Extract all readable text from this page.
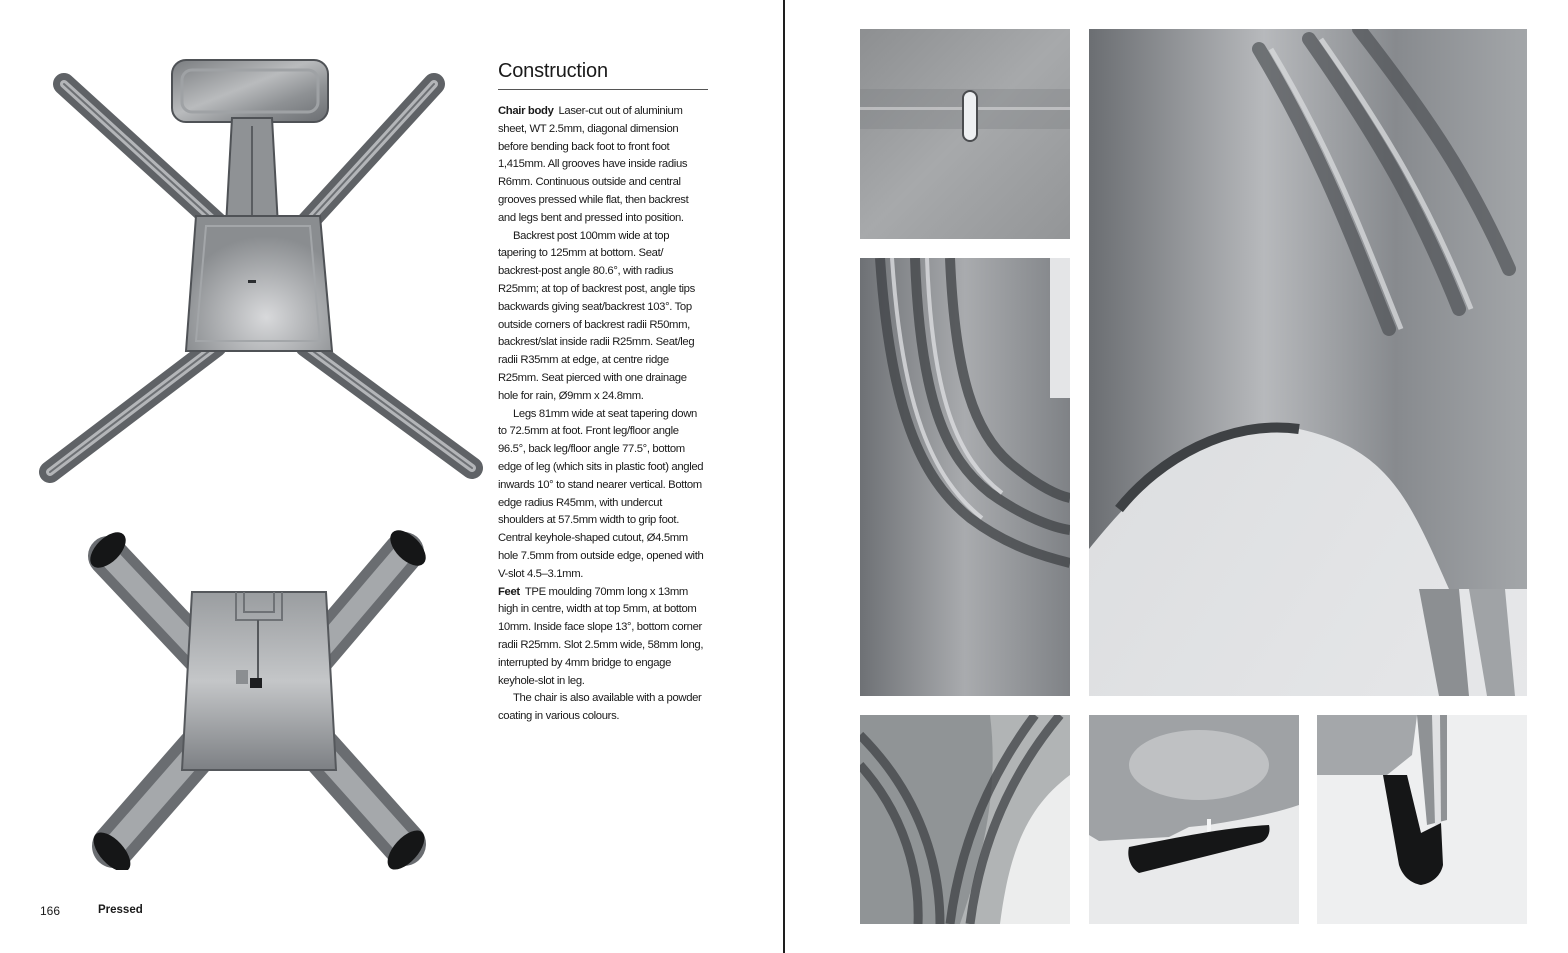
Construction

Chair body Laser-cut out of aluminium sheet, WT 2.5mm, diagonal dimension before bending back foot to front foot 1,415mm. All grooves have inside radius R6mm. Continuous outside and central grooves pressed while flat, then backrest and legs bent and pressed into position.

Backrest post 100mm wide at top tapering to 125mm at bottom. Seat/ backrest-post angle 80.6°, with radius R25mm; at top of backrest post, angle tips backwards giving seat/backrest 103°. Top outside corners of backrest radii R50mm, backrest/slat inside radii R25mm. Seat/leg radii R35mm at edge, at centre ridge R25mm. Seat pierced with one drainage hole for rain, Ø9mm x 24.8mm.

Legs 81mm wide at seat tapering down to 72.5mm at foot. Front leg/floor angle 96.5°, back leg/floor angle 77.5°, bottom edge of leg (which sits in plastic foot) angled inwards 10° to stand nearer vertical. Bottom edge radius R45mm, with undercut shoulders at 57.5mm width to grip foot. Central keyhole-shaped cutout, Ø4.5mm hole 7.5mm from outside edge, opened with V-slot 4.5–3.1mm.

Feet TPE moulding 70mm long x 13mm high in centre, width at top 5mm, at bottom 10mm. Inside face slope 13°, bottom corner radii R25mm. Slot 2.5mm wide, 58mm long, interrupted by 4mm bridge to engage keyhole-slot in leg.

The chair is also available with a powder coating in various colours.

166	Pressed
